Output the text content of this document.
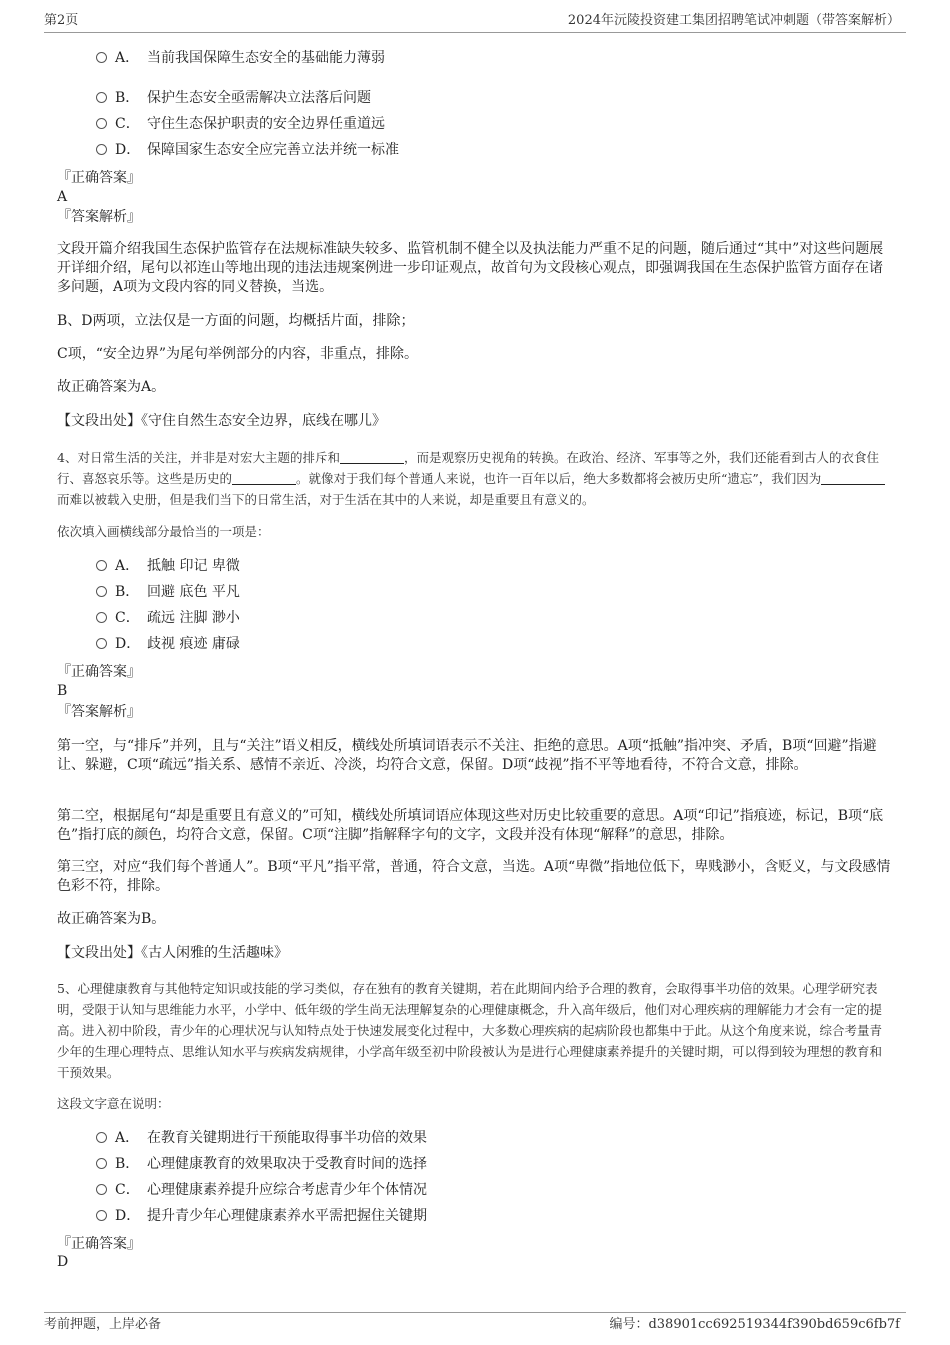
第2页	2024年沅陵投资建工集团招聘笔试冲刺题（带答案解析）
A． 当前我国保障生态安全的基础能力薄弱
B． 保护生态安全亟需解决立法落后问题
C． 守住生态保护职责的安全边界任重道远
D． 保障国家生态安全应完善立法并统一标准
『正确答案』
A
『答案解析』
文段开篇介绍我国生态保护监管存在法规标准缺失较多、监管机制不健全以及执法能力严重不足的问题，随后通过“其中”对这些问题展开详细介绍，尾句以祁连山等地出现的违法违规案例进一步印证观点，故首句为文段核心观点，即强调我国在生态保护监管方面存在诸多问题，A项为文段内容的同义替换，当选。
B、D两项，立法仅是一方面的问题，均概括片面，排除；
C项，“安全边界”为尾句举例部分的内容，非重点，排除。
故正确答案为A。
【文段出处】《守住自然生态安全边界，底线在哪儿》
4、对日常生活的关注，并非是对宏大主题的排斥和	，而是观察历史视角的转换。在政治、经济、军事等之外，我们还能看到古人的衣食住行、喜怒哀乐等。这些是历史的	。就像对于我们每个普通人来说，也许一百年以后，绝大多数都将会被历史所“遗忘”，我们因为而难以被载入史册，但是我们当下的日常生活，对于生活在其中的人来说，却是重要且有意义的。
依次填入画横线部分最恰当的一项是：
A． 抵触 印记 卑微
B． 回避 底色 平凡
C． 疏远 注脚 渺小
D． 歧视 痕迹 庸碌
『正确答案』
B
『答案解析』
第一空，与“排斥”并列，且与“关注”语义相反，横线处所填词语表示不关注、拒绝的意思。A项“抵触”指冲突、矛盾，B项“回避”指避让、躲避，C项“疏远”指关系、感情不亲近、冷淡，均符合文意，保留。D项“歧视”指不平等地看待，不符合文意，排除。
第二空，根据尾句“却是重要且有意义的”可知，横线处所填词语应体现这些对历史比较重要的意思。A项“印记”指痕迹，标记，B项“底色”指打底的颜色，均符合文意，保留。C项“注脚”指解释字句的文字，文段并没有体现“解释”的意思，排除。
第三空，对应“我们每个普通人”。B项“平凡”指平常，普通，符合文意，当选。A项“卑微”指地位低下，卑贱渺小，含贬义，与文段感情色彩不符，排除。
故正确答案为B。
【文段出处】《古人闲雅的生活趣味》
5、心理健康教育与其他特定知识或技能的学习类似，存在独有的教育关键期，若在此期间内给予合理的教育，会取得事半功倍的效果。心理学研究表明，受限于认知与思维能力水平，小学中、低年级的学生尚无法理解复杂的心理健康概念，升入高年级后，他们对心理疾病的理解能力才会有一定的提高。进入初中阶段，青少年的心理状况与认知特点处于快速发展变化过程中，大多数心理疾病的起病阶段也都集中于此。从这个角度来说，综合考量青少年的生理心理特点、思维认知水平与疾病发病规律，小学高年级至初中阶段被认为是进行心理健康素养提升的关键时期，可以得到较为理想的教育和干预效果。
这段文字意在说明：
A． 在教育关键期进行干预能取得事半功倍的效果
B． 心理健康教育的效果取决于受教育时间的选择
C． 心理健康素养提升应综合考虑青少年个体情况
D． 提升青少年心理健康素养水平需把握住关键期
『正确答案』
D
考前押题，上岸必备	编号：d38901cc692519344f390bd659c6fb7f
